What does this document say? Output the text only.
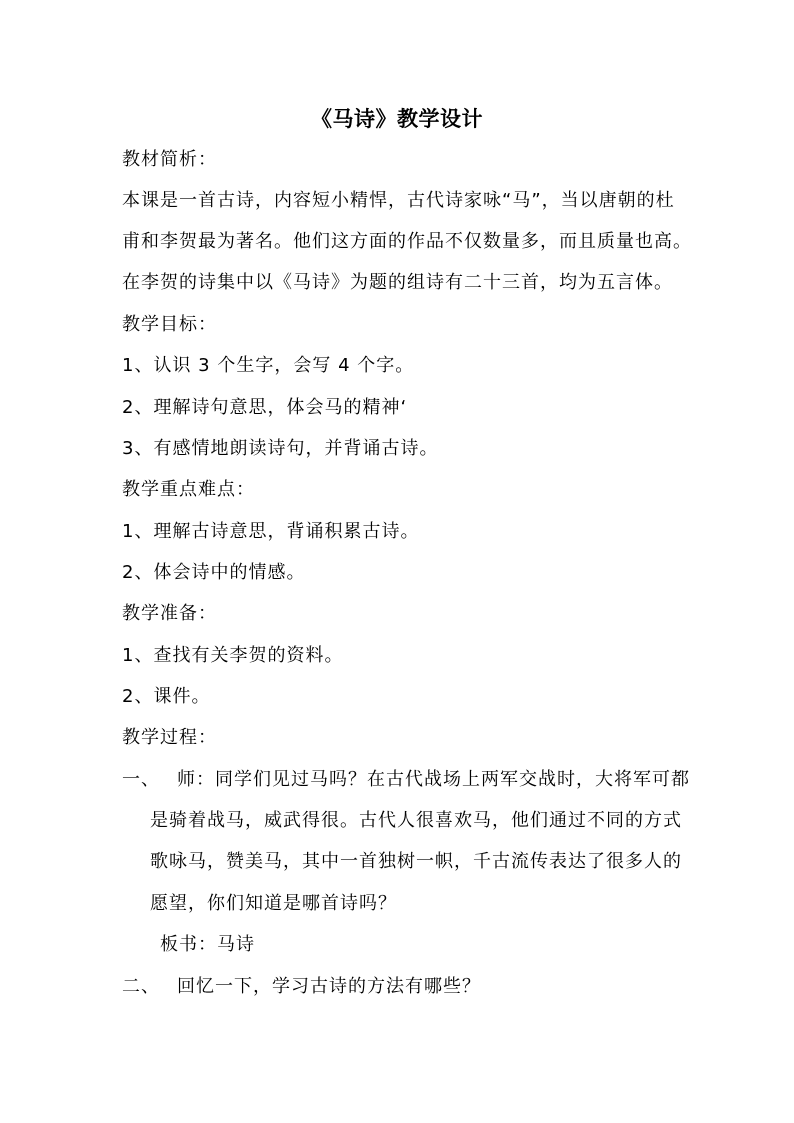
《马诗》教学设计
教材简析：
本课是一首古诗，内容短小精悍，古代诗家咏“马”，当以唐朝的杜
甫和李贺最为著名。他们这方面的作品不仅数量多，而且质量也高。
在李贺的诗集中以《马诗》为题的组诗有二十三首，均为五言体。
教学目标：
1、认识 3 个生字，会写 4 个字。
2、理解诗句意思，体会马的精神‘
3、有感情地朗读诗句，并背诵古诗。
教学重点难点：
1、理解古诗意思，背诵积累古诗。
2、体会诗中的情感。
教学准备：
1、查找有关李贺的资料。
2、课件。
教学过程：
一、 师：同学们见过马吗？在古代战场上两军交战时，大将军可都
是骑着战马，威武得很。古代人很喜欢马，他们通过不同的方式
歌咏马，赞美马，其中一首独树一帜，千古流传表达了很多人的
愿望，你们知道是哪首诗吗？
板书：马诗
二、 回忆一下，学习古诗的方法有哪些？
